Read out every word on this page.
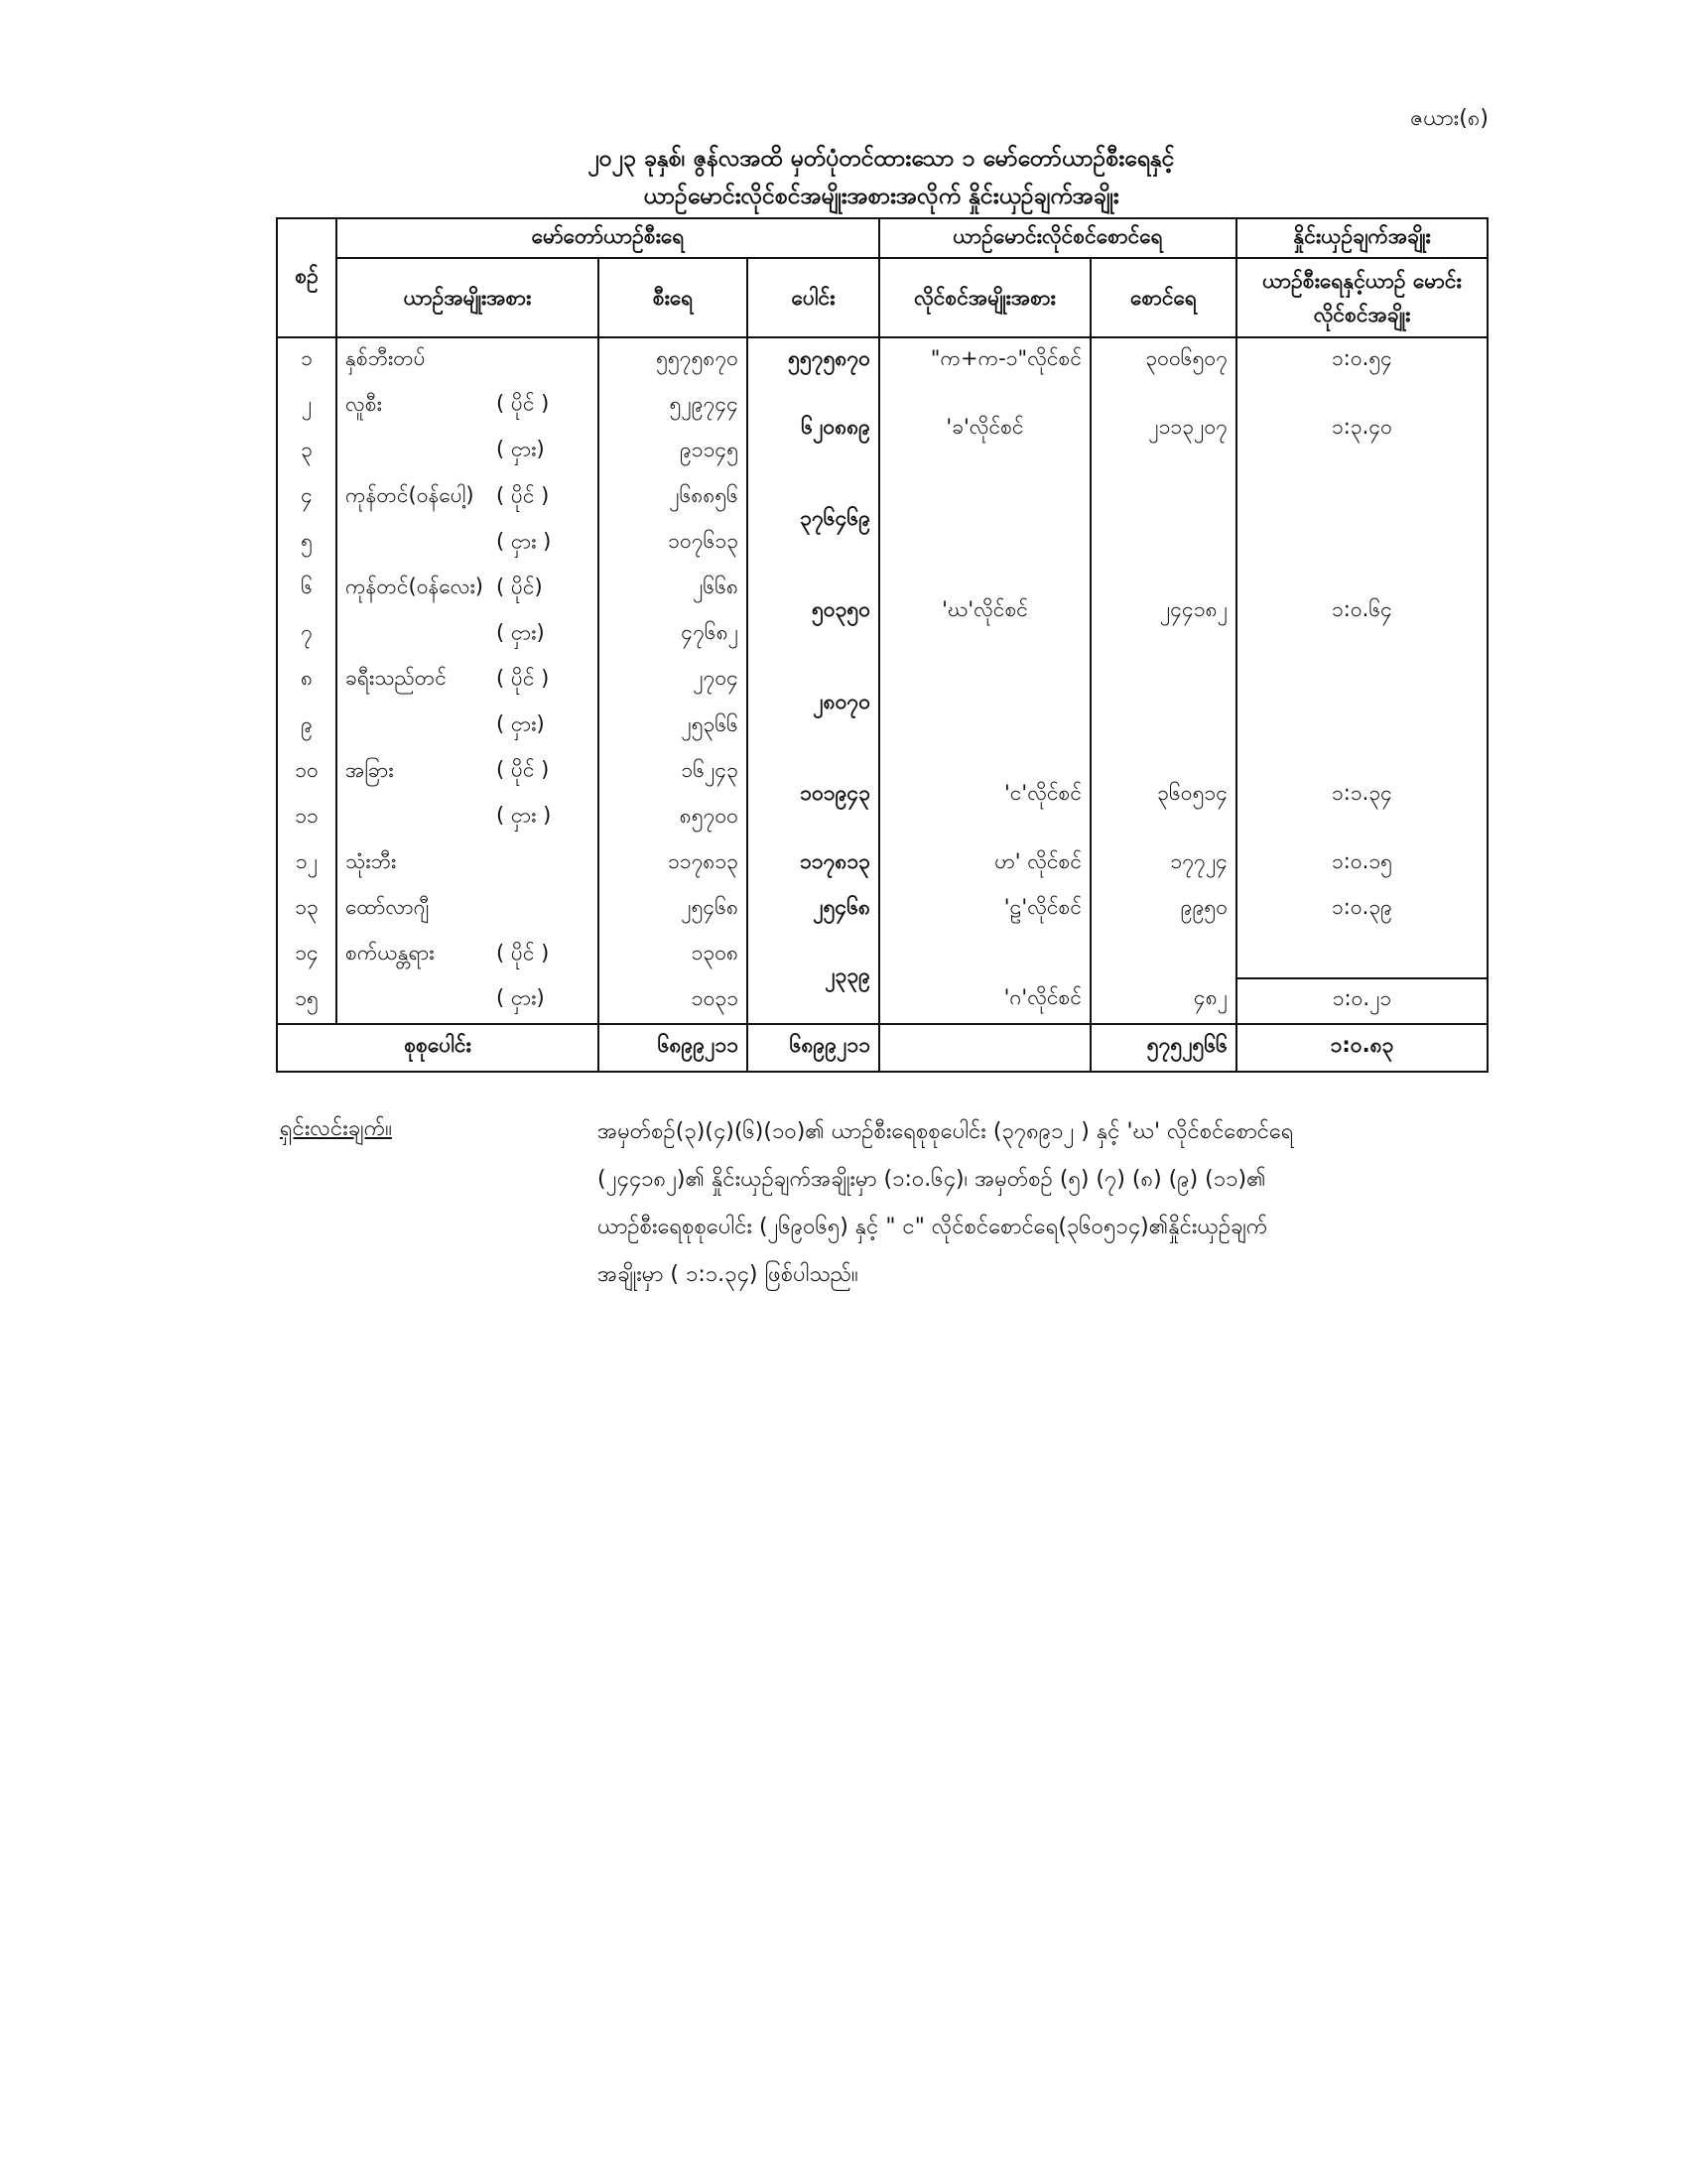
ဇယား(၈)
၂၀၂၃ ခုနှစ်၊ ဇွန်လအထိ မှတ်ပုံတင်ထားသော ၁ မော်တော်ယာဉ်စီးရေနှင့်
ယာဉ်မောင်းလိုင်စင်အမျိုးအစားအလိုက် နှိုင်းယှဉ်ချက်အချိုး
စဉ်	မော်တော်ယာဉ်စီးရေ			ယာဉ်မောင်းလိုင်စင်စောင်ရေ		နှိုင်းယှဉ်ချက်အချိုး
	ယာဉ်အမျိုးအစား	စီးရေ	ပေါင်း	လိုင်စင်အမျိုးအစား	စောင်ရေ	ယာဉ်စီးရေနှင့်ယာဉ် မောင်းလိုင်စင်အချိုး
၁	နှစ်ဘီးတပ်	၅၅၇၅၈၇၀	၅၅၇၅၈၇၀	"က+က-၁"လိုင်စင်	၃၀၀၆၅၀၇	၁:၀.၅၄
၂	လူစီး ( ပိုင် )	၅၂၉၇၄၄	၆၂၀၈၈၉	'ခ'လိုင်စင်	၂၁၁၃၂၀၇	၁:၃.၄၀
၃	( ငှား)	၉၁၁၄၅				
၄	ကုန်တင်(ဝန်ပေါ့) ( ပိုင် )	၂၆၈၈၅၆	၃၇၆၄၆၉	'ဃ'လိုင်စင်	၂၄၄၁၈၂	၁:၀.၆၄
၅	( ငှား )	၁၀၇၆၁၃				
၆	ကုန်တင်(ဝန်လေး) ( ပိုင်)	၂၆၆၈	၅၀၃၅၀			
၇	( ငှား)	၄၇၆၈၂				
၈	ခရီးသည်တင် ( ပိုင် )	၂၇၀၄	၂၈၀၇၀			
၉	( ငှား)	၂၅၃၆၆				
၁၀	အခြား ( ပိုင် )	၁၆၂၄၃	၁၀၁၉၄၃	'င'လိုင်စင်	၃၆၀၅၁၄	၁:၁.၃၄
၁၁	( ငှား )	၈၅၇၀၀				
၁၂	သုံးဘီး	၁၁၇၈၁၃	၁၁၇၈၁၃	ဟ' လိုင်စင်	၁၇၇၂၄	၁:၀.၁၅
၁၃	ထော်လာဂျီ	၂၅၄၆၈	၂၅၄၆၈	'ဠ'လိုင်စင်	၉၉၅၀	၁:၀.၃၉
၁၄	စက်ယန္တရား ( ပိုင် )	၁၃၀၈	၂၃၃၉	'ဂ'လိုင်စင်	၄၈၂	
၁၅	( ငှား)	၁၀၃၁				၁:၀.၂၁
စုစုပေါင်း		၆၈၉၉၂၁၁	၆၈၉၉၂၁၁		၅၇၅၂၅၆၆	၁:၀.၈၃
ရှင်းလင်းချက်။	အမှတ်စဉ်(၃)(၄)(၆)(၁၀)၏ ယာဉ်စီးရေစုစုပေါင်း (၃၇၈၉၁၂ ) နှင့် 'ဃ' လိုင်စင်စောင်ရေ
(၂၄၄၁၈၂)၏ နှိုင်းယှဉ်ချက်အချိုးမှာ (၁:၀.၆၄)၊ အမှတ်စဉ် (၅) (၇) (၈) (၉) (၁၁)၏
ယာဉ်စီးရေစုစုပေါင်း (၂၆၉၀၆၅) နှင့် " င" လိုင်စင်စောင်ရေ(၃၆၀၅၁၄)၏နှိုင်းယှဉ်ချက်
အချိုးမှာ ( ၁:၁.၃၄) ဖြစ်ပါသည်။
